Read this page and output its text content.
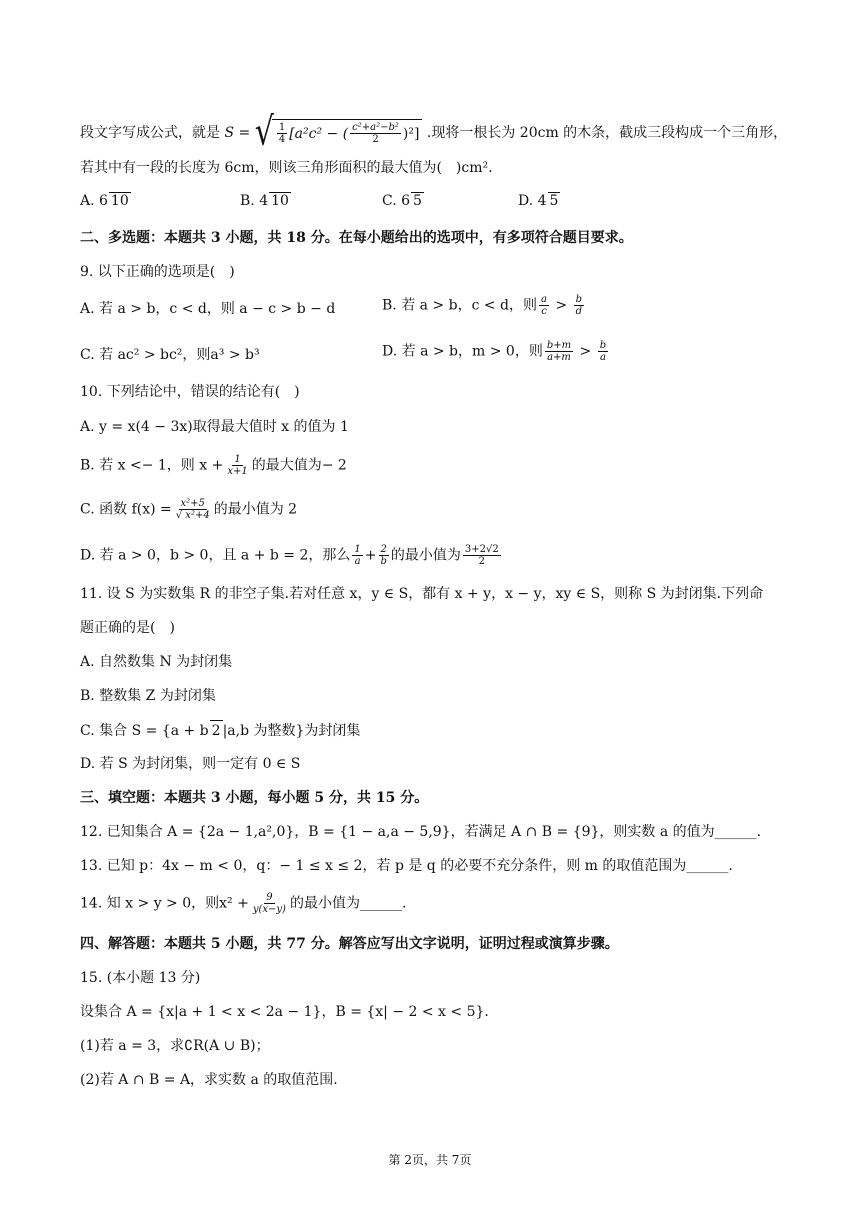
段文字写成公式，就是 S = √ $\frac{1}{4} [a^2c^2$ − ( $\frac{\text{c²+a²−b²}}{2} )^2$] .现将一根长为 20cm 的木条，截成三段构成一个三角形，
若其中有一段的长度为 6cm，则该三角形面积的最大值为(　)cm².
A. 6 10	B. 4 10	C. 6 5	D. 4 5
二、多选题：本题共 3 小题，共 18 分。在每小题给出的选项中，有多项符合题目要求。
9. 以下正确的选项是(　)
A. 若 a > b，c < d，则 a − c > b − d	B. 若 a > b，c < d，则 $\frac{a}{c} > \frac{b}{d}$
C. 若 ac² > bc²，则a³ > b³	D. 若 a > b，m > 0，则 $\frac{b+m}{a+m} > \frac{b}{a}$
10. 下列结论中，错误的结论有(　)
A. y = x(4 − 3x)取得最大值时 x 的值为 1
B. 若 x <− 1，则 $x + \frac{1}{x+1}$ 的最大值为− 2
C. 函数 $f(x) = \frac{\text{x²+5}}{\text{√ x²+4}}$ 的最小值为 2
D. 若 a > 0，b > 0，且 a + b = 2，那么 $\frac{1}{a} + \frac{2}{b}$ 的最小值为 $\frac{3+2√2}{2}$
11. 设 S 为实数集 R 的非空子集.若对任意 x，y ∈ S，都有 x + y，x − y，xy ∈ S，则称 S 为封闭集.下列命
题正确的是(　)
A. 自然数集 N 为封闭集
B. 整数集 Z 为封闭集
C. 集合 S = {a + b 2 |a,b 为整数}为封闭集
D. 若 S 为封闭集，则一定有 0 ∈ S
三、填空题：本题共 3 小题，每小题 5 分，共 15 分。
12. 已知集合 A = {2a − 1,a²,0}，B = {1 − a,a − 5,9}，若满足 A ∩ B = {9}，则实数 a 的值为______.
13. 已知 p：4x − m < 0，q：− 1 ≤ x ≤ 2，若 p 是 q 的必要不充分条件，则 m 的取值范围为______.
14. 知 x > y > 0，则$x^2 + \frac{9}{y(x-y)}$ 的最小值为______.
四、解答题：本题共 5 小题，共 77 分。解答应写出文字说明，证明过程或演算步骤。
15. (本小题 13 分)
设集合 A = {x|a + 1 < x < 2a − 1}，B = {x| − 2 < x < 5}.
(1)若 a = 3，求∁R(A ∪ B)；
(2)若 A ∩ B = A，求实数 a 的取值范围.
第 2页，共 7页
